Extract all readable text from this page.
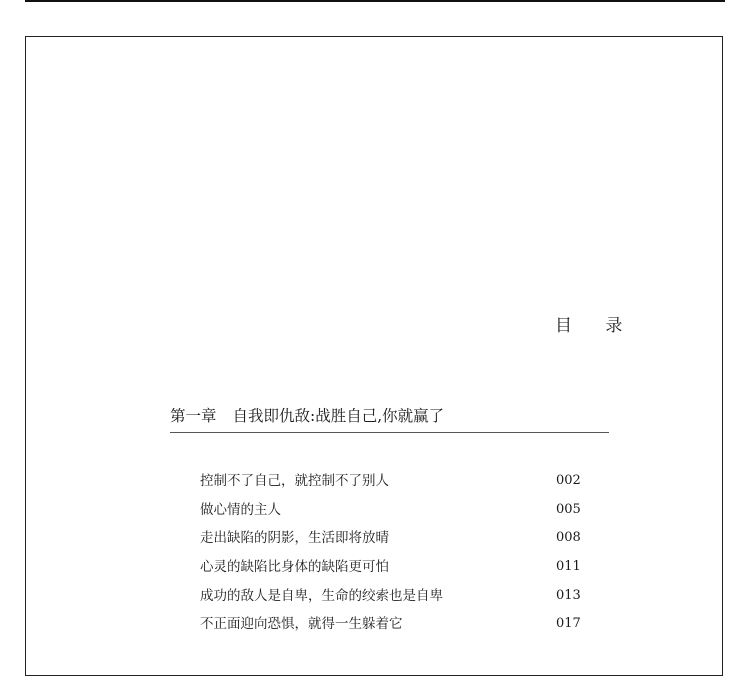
目 录
第一章 自我即仇敌:战胜自己,你就赢了
控制不了自己，就控制不了别人	002
做心情的主人	005
走出缺陷的阴影，生活即将放晴	008
心灵的缺陷比身体的缺陷更可怕	011
成功的敌人是自卑，生命的绞索也是自卑	013
不正面迎向恐惧，就得一生躲着它	017
